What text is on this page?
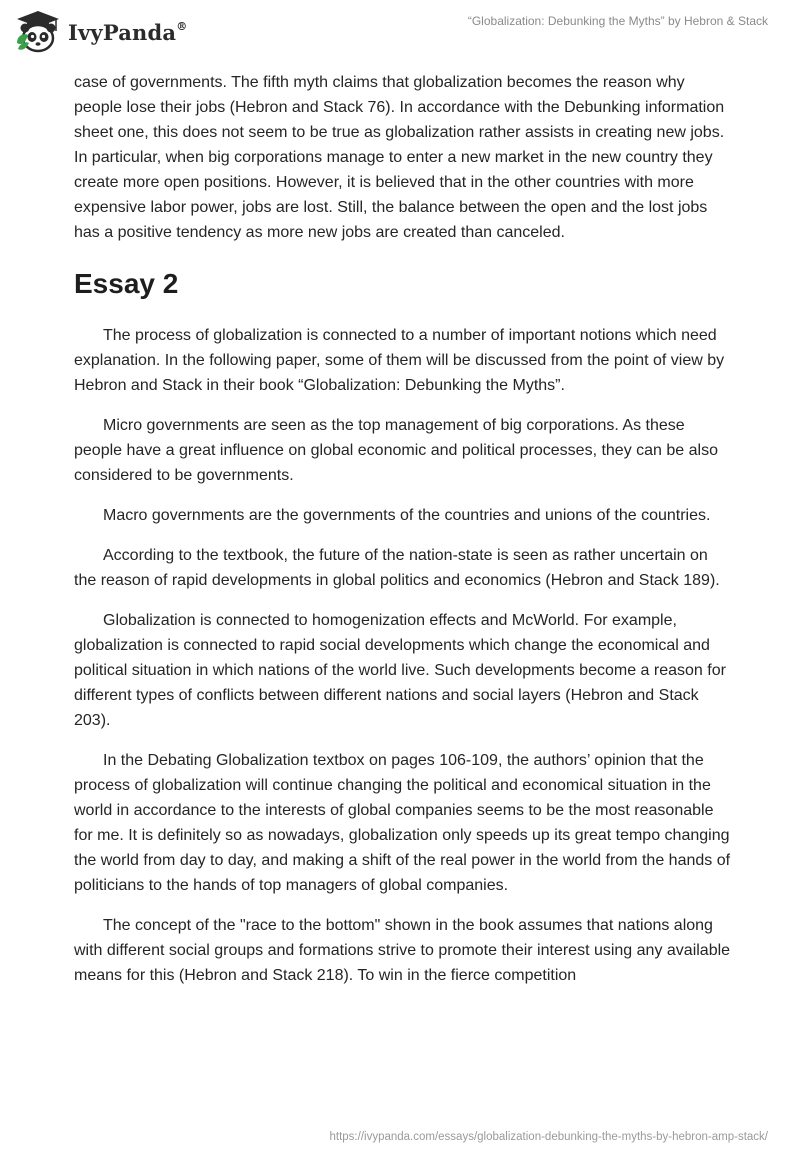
IvyPanda®	“Globalization: Debunking the Myths” by Hebron & Stack

case of governments. The fifth myth claims that globalization becomes the reason why people lose their jobs (Hebron and Stack 76). In accordance with the Debunking information sheet one, this does not seem to be true as globalization rather assists in creating new jobs. In particular, when big corporations manage to enter a new market in the new country they create more open positions. However, it is believed that in the other countries with more expensive labor power, jobs are lost. Still, the balance between the open and the lost jobs has a positive tendency as more new jobs are created than canceled.

Essay 2

The process of globalization is connected to a number of important notions which need explanation. In the following paper, some of them will be discussed from the point of view by Hebron and Stack in their book “Globalization: Debunking the Myths”.

Micro governments are seen as the top management of big corporations. As these people have a great influence on global economic and political processes, they can be also considered to be governments.

Macro governments are the governments of the countries and unions of the countries.

According to the textbook, the future of the nation-state is seen as rather uncertain on the reason of rapid developments in global politics and economics (Hebron and Stack 189).

Globalization is connected to homogenization effects and McWorld. For example, globalization is connected to rapid social developments which change the economical and political situation in which nations of the world live. Such developments become a reason for different types of conflicts between different nations and social layers (Hebron and Stack 203).

In the Debating Globalization textbox on pages 106-109, the authors’ opinion that the process of globalization will continue changing the political and economical situation in the world in accordance to the interests of global companies seems to be the most reasonable for me. It is definitely so as nowadays, globalization only speeds up its great tempo changing the world from day to day, and making a shift of the real power in the world from the hands of politicians to the hands of top managers of global companies.

The concept of the "race to the bottom" shown in the book assumes that nations along with different social groups and formations strive to promote their interest using any available means for this (Hebron and Stack 218). To win in the fierce competition

https://ivypanda.com/essays/globalization-debunking-the-myths-by-hebron-amp-stack/
